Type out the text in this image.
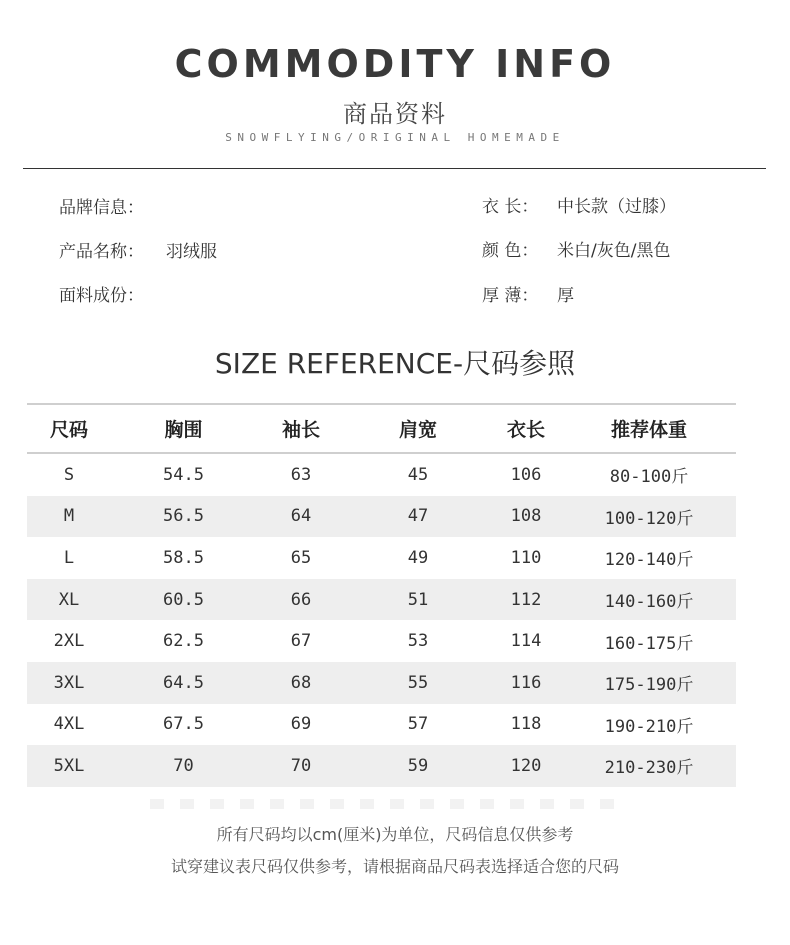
COMMODITY INFO
商品资料
SNOWFLYING/ORIGINAL HOMEMADE
品牌信息：
产品名称： 羽绒服
面料成份：
衣 长： 中长款（过膝）
颜 色： 米白/灰色/黑色
厚 薄： 厚
SIZE REFERENCE-尺码参照
尺码	胸围	袖长	肩宽	衣长	推荐体重
S	54.5	63	45	106	80-100斤
M	56.5	64	47	108	100-120斤
L	58.5	65	49	110	120-140斤
XL	60.5	66	51	112	140-160斤
2XL	62.5	67	53	114	160-175斤
3XL	64.5	68	55	116	175-190斤
4XL	67.5	69	57	118	190-210斤
5XL	70	70	59	120	210-230斤
所有尺码均以cm(厘米)为单位，尺码信息仅供参考
试穿建议表尺码仅供参考，请根据商品尺码表选择适合您的尺码
